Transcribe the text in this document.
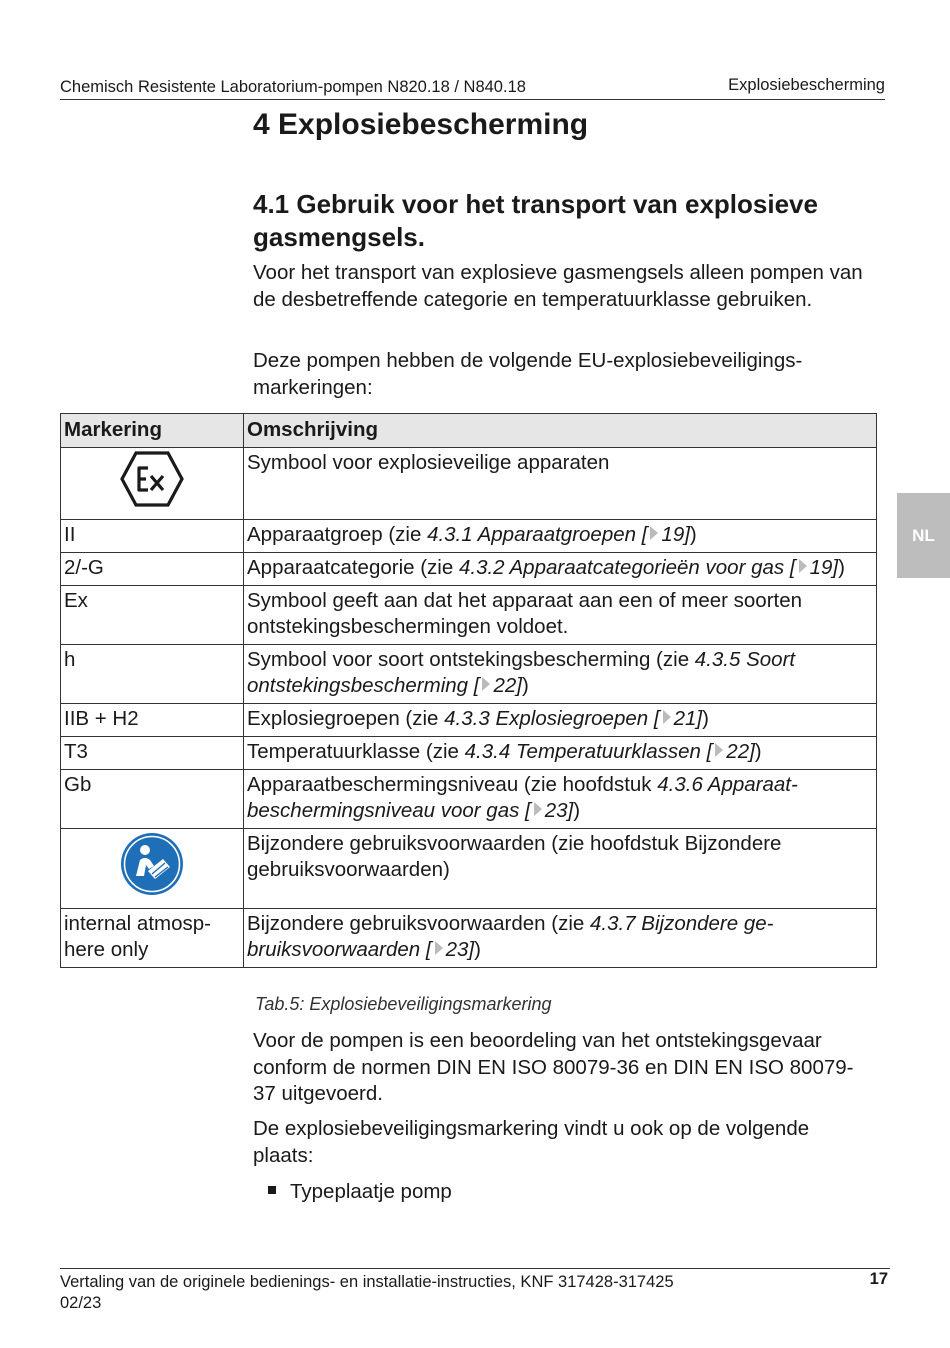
Chemisch Resistente Laboratorium-pompen N820.18 / N840.18	Explosiebescherming
4 Explosiebescherming
4.1 Gebruik voor het transport van explosieve gasmengsels.

Voor het transport van explosieve gasmengsels alleen pompen van de desbetreffende categorie en temperatuurklasse gebruiken.

Deze pompen hebben de volgende EU-explosiebeveiligingsmarkeringen:

Markering	Omschrijving
	Symbool voor explosieveilige apparaten
II	Apparaatgroep (zie 4.3.1 Apparaatgroepen [ 19])
2/-G	Apparaatcategorie (zie 4.3.2 Apparaatcategorieën voor gas [ 19])
Ex	Symbool geeft aan dat het apparaat aan een of meer soorten ontstekingsbeschermingen voldoet.
h	Symbool voor soort ontstekingsbescherming (zie 4.3.5 Soort ontstekingsbescherming [ 22])
IIB + H2	Explosiegroepen (zie 4.3.3 Explosiegroepen [ 21])
T3	Temperatuurklasse (zie 4.3.4 Temperatuurklassen [ 22])
Gb	Apparaatbeschermingsniveau (zie hoofdstuk 4.3.6 Apparaatbeschermingsniveau voor gas [ 23])
	Bijzondere gebruiksvoorwaarden (zie hoofdstuk Bijzondere gebruiksvoorwaarden)
internal atmosphere only	Bijzondere gebruiksvoorwaarden (zie 4.3.7 Bijzondere gebruiksvoorwaarden [ 23])
Tab.5: Explosiebeveiligingsmarkering

Voor de pompen is een beoordeling van het ontstekingsgevaar conform de normen DIN EN ISO 80079-36 en DIN EN ISO 80079-37 uitgevoerd.

De explosiebeveiligingsmarkering vindt u ook op de volgende plaats:

Typeplaatje pomp
NL
Vertaling van de originele bedienings- en installatie-instructies, KNF 317428-317425
02/23
17
